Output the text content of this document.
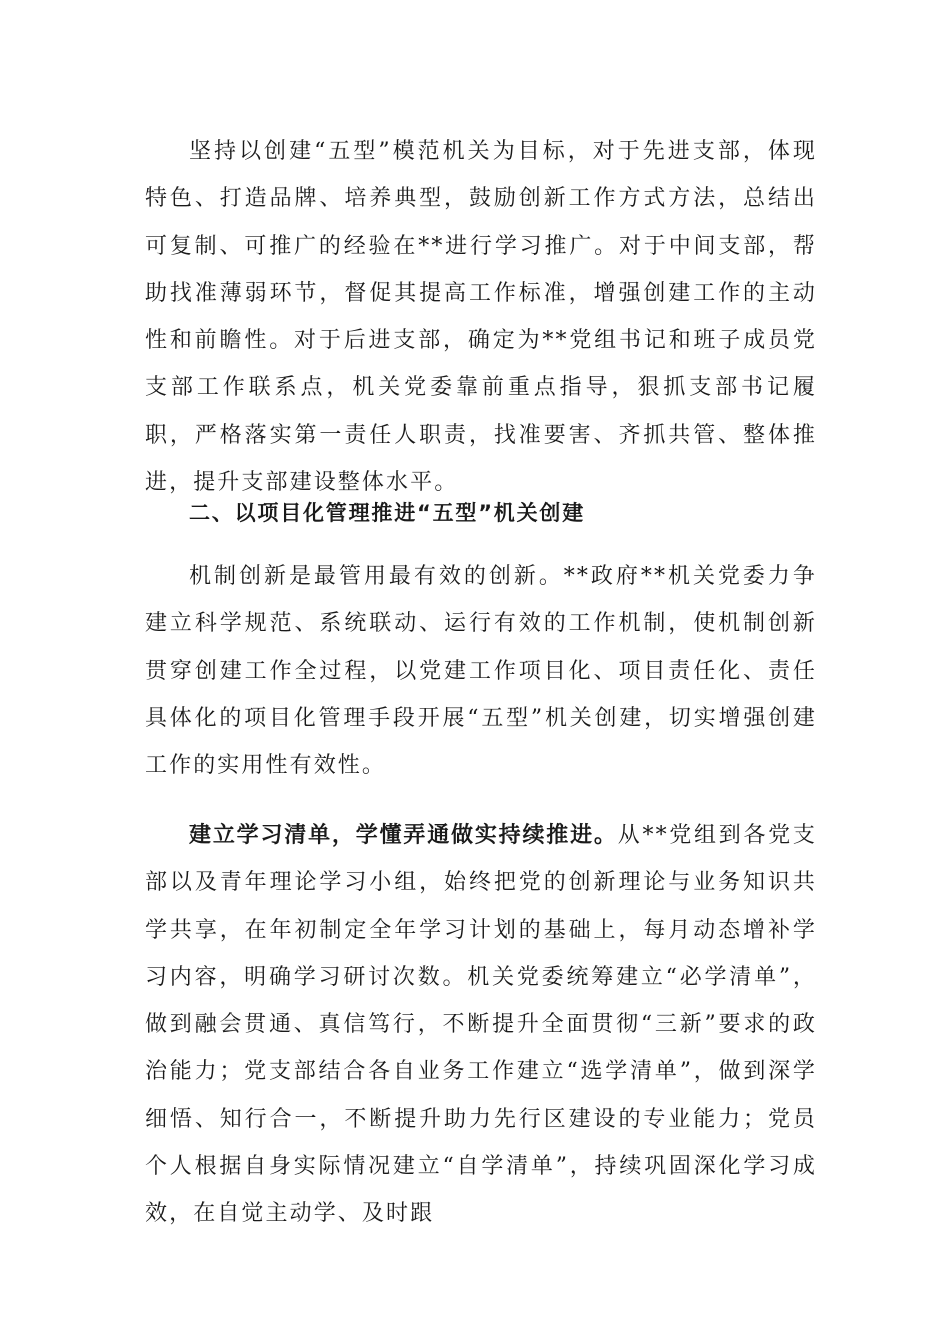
坚持以创建“五型”模范机关为目标，对于先进支部，体现特色、打造品牌、培养典型，鼓励创新工作方式方法，总结出可复制、可推广的经验在**进行学习推广。对于中间支部，帮助找准薄弱环节，督促其提高工作标准，增强创建工作的主动性和前瞻性。对于后进支部，确定为**党组书记和班子成员党支部工作联系点，机关党委靠前重点指导，狠抓支部书记履职，严格落实第一责任人职责，找准要害、齐抓共管、整体推进，提升支部建设整体水平。

二、以项目化管理推进“五型”机关创建

机制创新是最管用最有效的创新。**政府**机关党委力争建立科学规范、系统联动、运行有效的工作机制，使机制创新贯穿创建工作全过程，以党建工作项目化、项目责任化、责任具体化的项目化管理手段开展“五型”机关创建，切实增强创建工作的实用性有效性。

建立学习清单，学懂弄通做实持续推进。从**党组到各党支部以及青年理论学习小组，始终把党的创新理论与业务知识共学共享，在年初制定全年学习计划的基础上，每月动态增补学习内容，明确学习研讨次数。机关党委统筹建立“必学清单”，做到融会贯通、真信笃行，不断提升全面贯彻“三新”要求的政治能力；党支部结合各自业务工作建立“选学清单”，做到深学细悟、知行合一，不断提升助力先行区建设的专业能力；党员个人根据自身实际情况建立“自学清单”，持续巩固深化学习成效，在自觉主动学、及时跟
